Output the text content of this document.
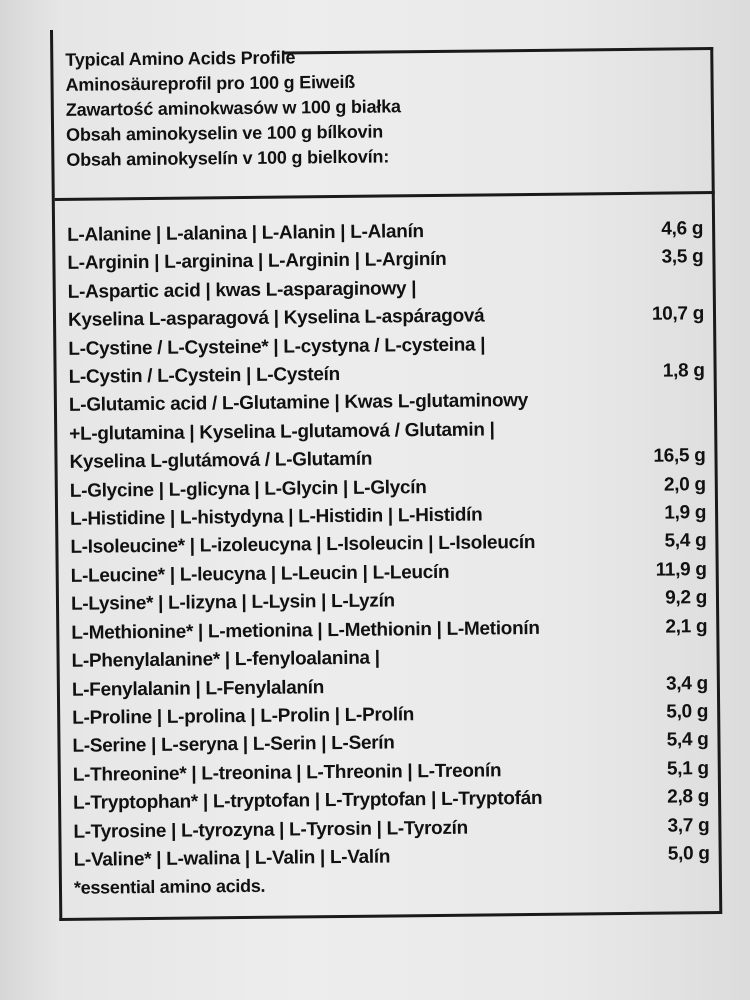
Typical Amino Acids Profile
Aminosäureprofil pro 100 g Eiweiß
Zawartość aminokwasów w 100 g białka
Obsah aminokyselin ve 100 g bílkovin
Obsah aminokyselín v 100 g bielkovín:
L-Alanine | L-alanina | L-Alanin | L-Alanín	4,6 g
L-Arginin | L-arginina | L-Arginin | L-Arginín	3,5 g
L-Aspartic acid | kwas L-asparaginowy |
Kyselina L-asparagová | Kyselina L-aspáragová	10,7 g
L-Cystine / L-Cysteine* | L-cystyna / L-cysteina |
L-Cystin / L-Cystein | L-Cysteín	1,8 g
L-Glutamic acid / L-Glutamine | Kwas L-glutaminowy
+L-glutamina | Kyselina L-glutamová / Glutamin |
Kyselina L-glutámová / L-Glutamín	16,5 g
L-Glycine | L-glicyna | L-Glycin | L-Glycín	2,0 g
L-Histidine | L-histydyna | L-Histidin | L-Histidín	1,9 g
L-Isoleucine* | L-izoleucyna | L-Isoleucin | L-Isoleucín	5,4 g
L-Leucine* | L-leucyna | L-Leucin | L-Leucín	11,9 g
L-Lysine* | L-lizyna | L-Lysin | L-Lyzín	9,2 g
L-Methionine* | L-metionina | L-Methionin | L-Metionín	2,1 g
L-Phenylalanine* | L-fenyloalanina |
L-Fenylalanin | L-Fenylalanín	3,4 g
L-Proline | L-prolina | L-Prolin | L-Prolín	5,0 g
L-Serine | L-seryna | L-Serin | L-Serín	5,4 g
L-Threonine* | L-treonina | L-Threonin | L-Treonín	5,1 g
L-Tryptophan* | L-tryptofan | L-Tryptofan | L-Tryptofán	2,8 g
L-Tyrosine | L-tyrozyna | L-Tyrosin | L-Tyrozín	3,7 g
L-Valine* | L-walina | L-Valin | L-Valín	5,0 g
*essential amino acids.
